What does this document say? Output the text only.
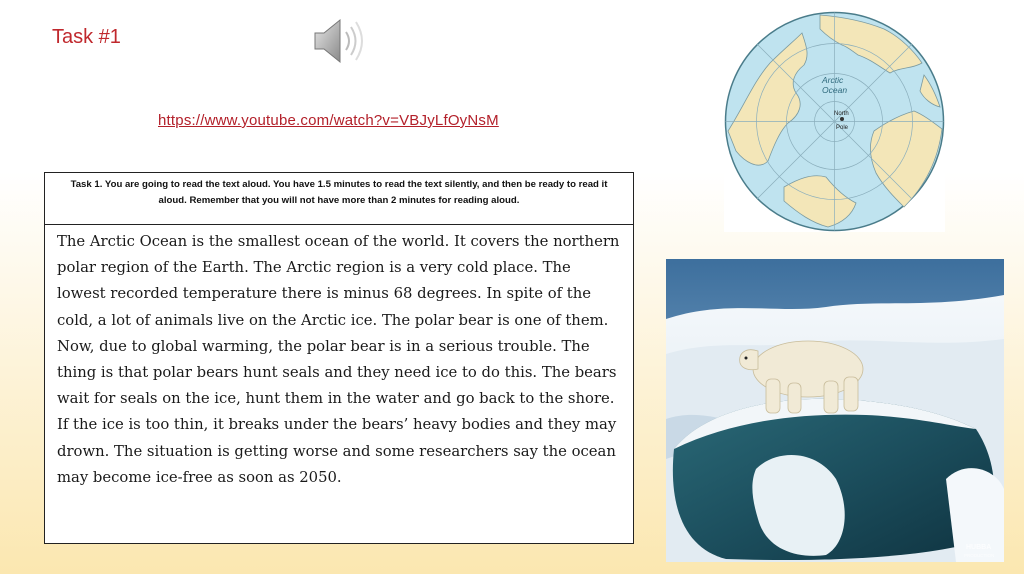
Task #1
https://www.youtube.com/watch?v=VBJyLfOyNsM
Task 1. You are going to read the text aloud. You have 1.5 minutes to read the text silently, and then be ready to read it aloud. Remember that you will not have more than 2 minutes for reading aloud.
The Arctic Ocean is the smallest ocean of the world. It covers the northern polar region of the Earth. The Arctic region is a very cold place. The lowest recorded temperature there is minus 68 degrees. In spite of the cold, a lot of animals live on the Arctic ice. The polar bear is one of them. Now, due to global warming, the polar bear is in a serious trouble. The thing is that polar bears hunt seals and they need ice to do this. The bears wait for seals on the ice, hunt them in the water and go back to the shore. If the ice is too thin, it breaks under the bears’ heavy bodies and they may drown. The situation is getting worse and some researchers say the ocean may become ice-free as soon as 2050.
Arctic
Ocean
North
Pole
HUBBA
PRODUCTION
